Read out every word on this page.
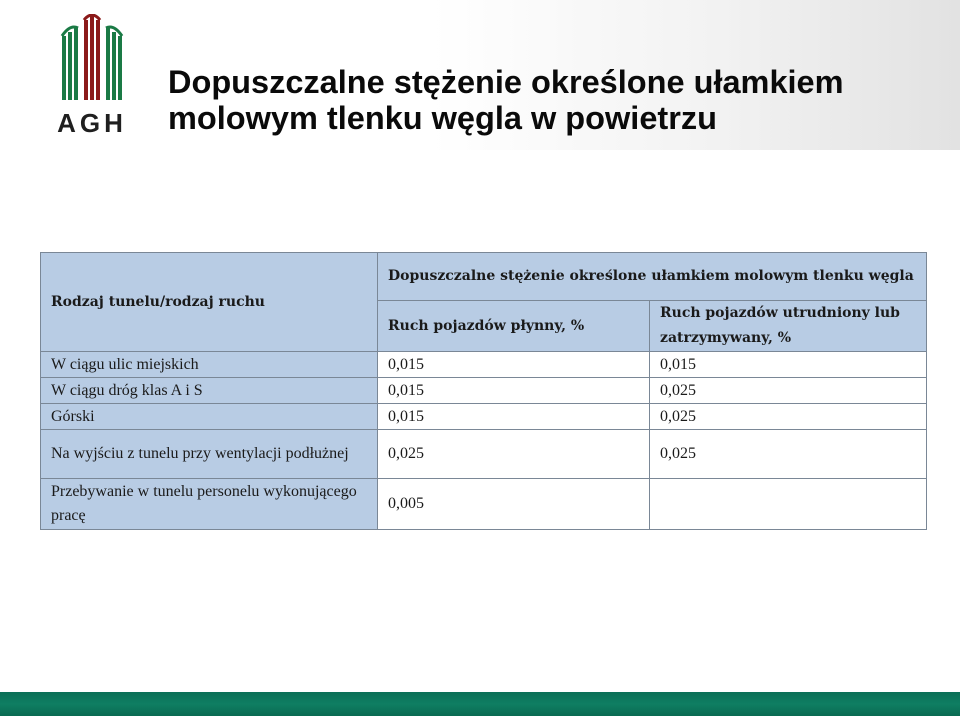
AGH
Dopuszczalne stężenie określone ułamkiem
molowym tlenku węgla w powietrzu
Rodzaj tunelu/rodzaj ruchu	Dopuszczalne stężenie określone ułamkiem molowym tlenku węgla	
	Ruch pojazdów płynny, %	Ruch pojazdów utrudniony lub zatrzymywany, %
W ciągu ulic miejskich	0,015	0,015
W ciągu dróg klas A i S	0,015	0,025
Górski	0,015	0,025
Na wyjściu z tunelu przy wentylacji podłużnej	0,025	0,025
Przebywanie w tunelu personelu wykonującego pracę	0,005	
